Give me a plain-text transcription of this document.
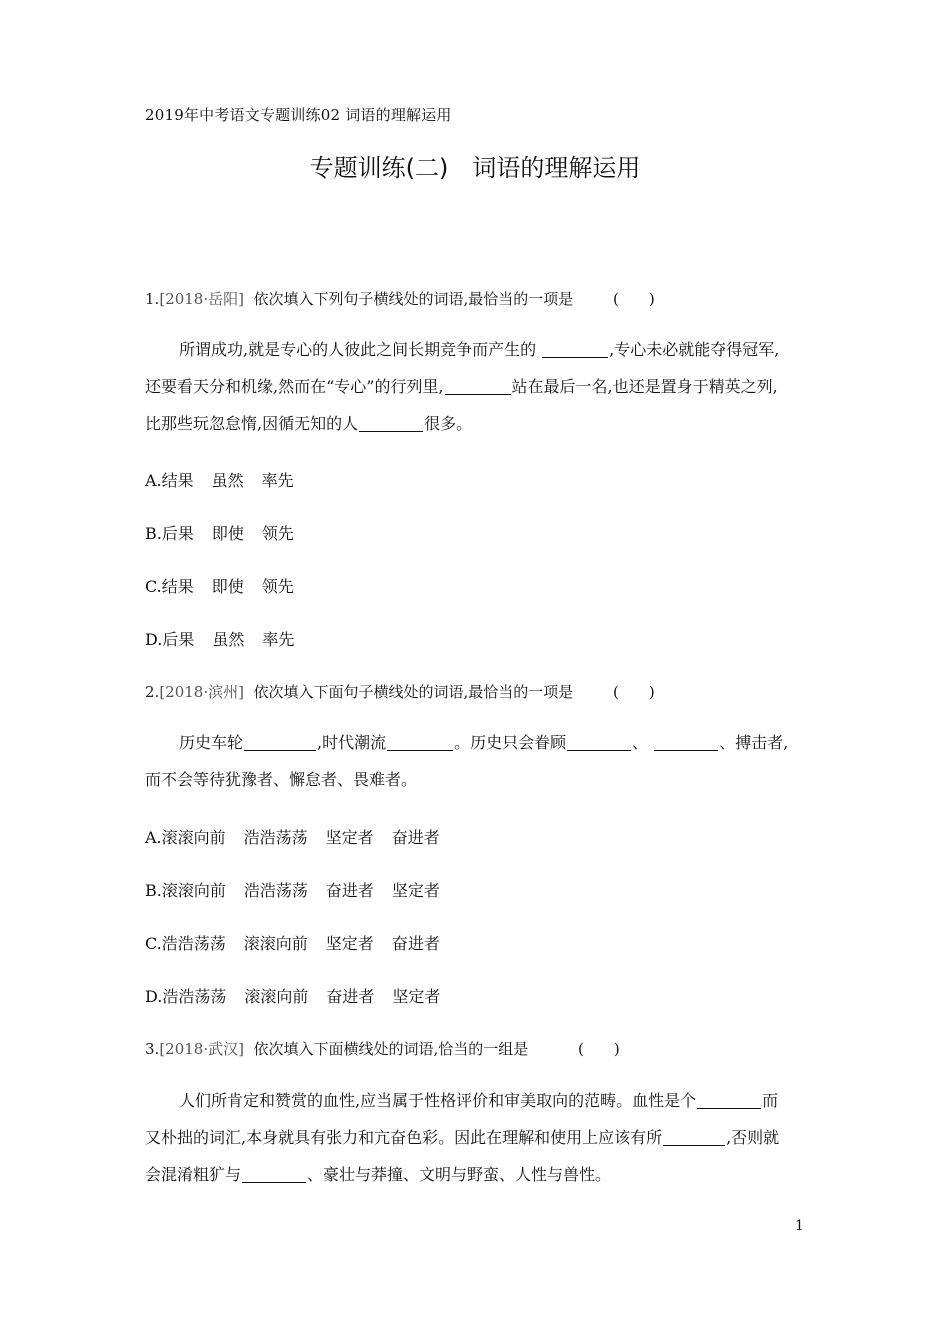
2019年中考语文专题训练02 词语的理解运用
专题训练(二)　词语的理解运用
1.[2018·岳阳] 依次填入下列句子横线处的词语,最恰当的一项是	(　　)
所谓成功,就是专心的人彼此之间长期竞争而产生的	,专心未必就能夺得冠军,
还要看天分和机缘,然而在“专心”的行列里,	站在最后一名,也还是置身于精英之列,
比那些玩忽怠惰,因循无知的人	很多。
A.结果 虽然 率先
B.后果 即使 领先
C.结果 即使 领先
D.后果 虽然 率先
2.[2018·滨州] 依次填入下面句子横线处的词语,最恰当的一项是	(　　)
历史车轮	,时代潮流	。历史只会眷顾	、	、搏击者,
而不会等待犹豫者、懈怠者、畏难者。
A.滚滚向前 浩浩荡荡 坚定者 奋进者
B.滚滚向前 浩浩荡荡 奋进者 坚定者
C.浩浩荡荡 滚滚向前 坚定者 奋进者
D.浩浩荡荡 滚滚向前 奋进者 坚定者
3.[2018·武汉] 依次填入下面横线处的词语,恰当的一组是	(　　)
人们所肯定和赞赏的血性,应当属于性格评价和审美取向的范畴。血性是个	而
又朴拙的词汇,本身就具有张力和亢奋色彩。因此在理解和使用上应该有所	,否则就
会混淆粗犷与	、豪壮与莽撞、文明与野蛮、人性与兽性。
1
